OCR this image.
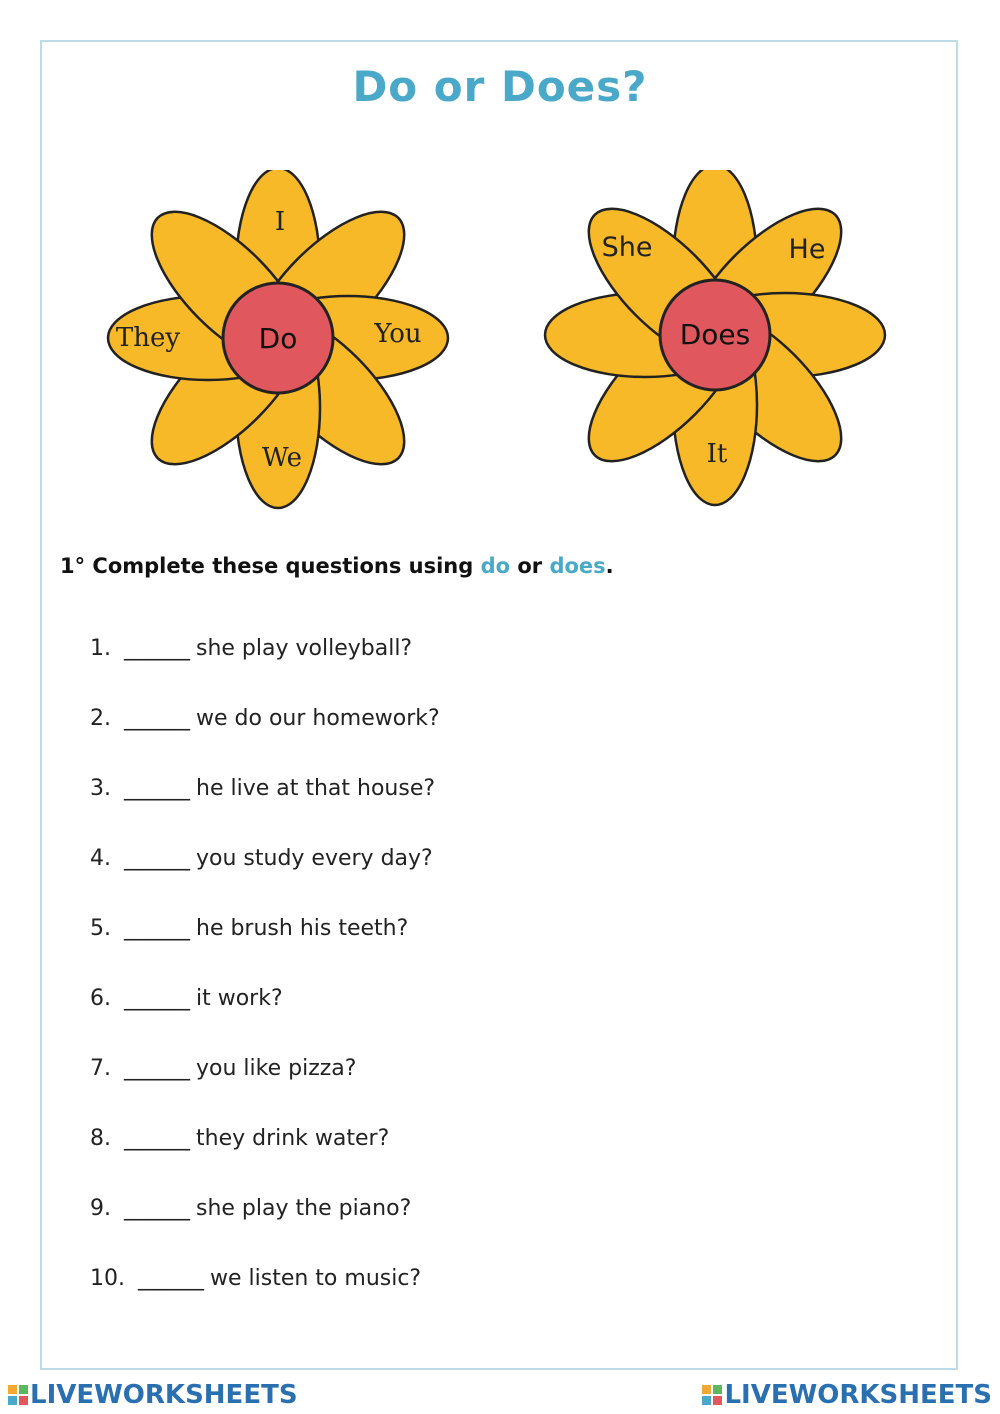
Do or Does?
I
You
We
They	Do
She	He
It
Does
1° Complete these questions using do or does.
1. ______ she play volleyball?
2. ______ we do our homework?
3. ______ he live at that house?
4. ______ you study every day?
5. ______ he brush his teeth?
6. ______ it work?
7. ______ you like pizza?
8. ______ they drink water?
9. ______ she play the piano?
10. ______ we listen to music?
LIVEWORKSHEETS	LIVEWORKSHEETS
